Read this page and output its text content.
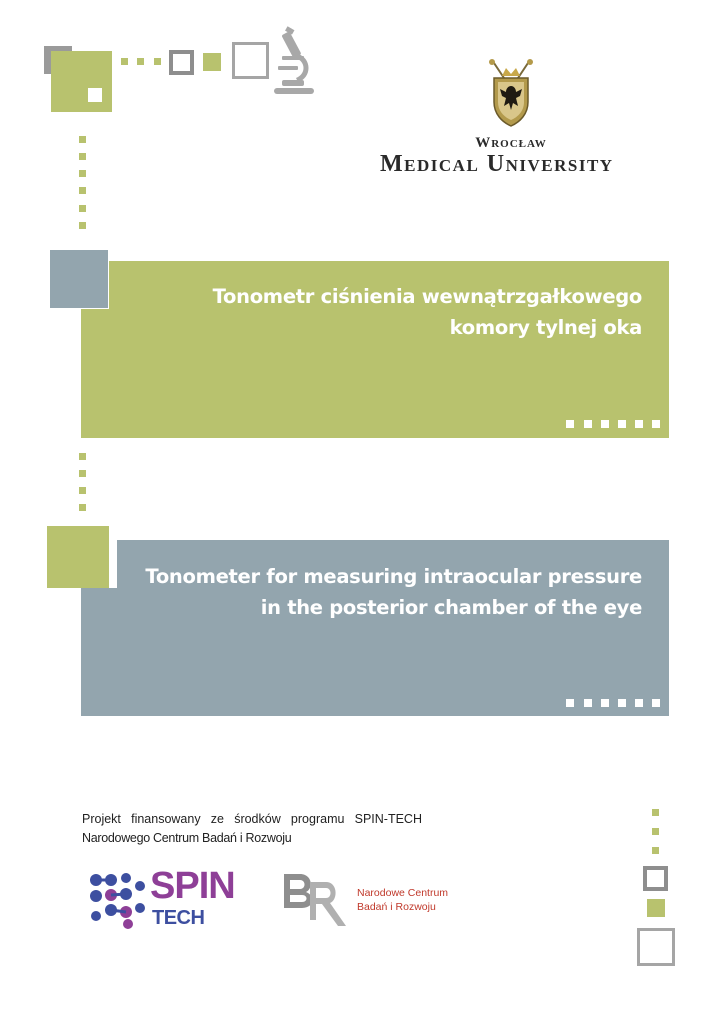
Wrocław
Medical University
Tonometr ciśnienia wewnątrzgałkowego
komory tylnej oka
Tonometer for measuring intraocular pressure
in the posterior chamber of the eye
Projekt finansowany ze środków programu SPIN-TECH
Narodowego Centrum Badań i Rozwoju
SPIN
TECH
Narodowe Centrum
Badań i Rozwoju
